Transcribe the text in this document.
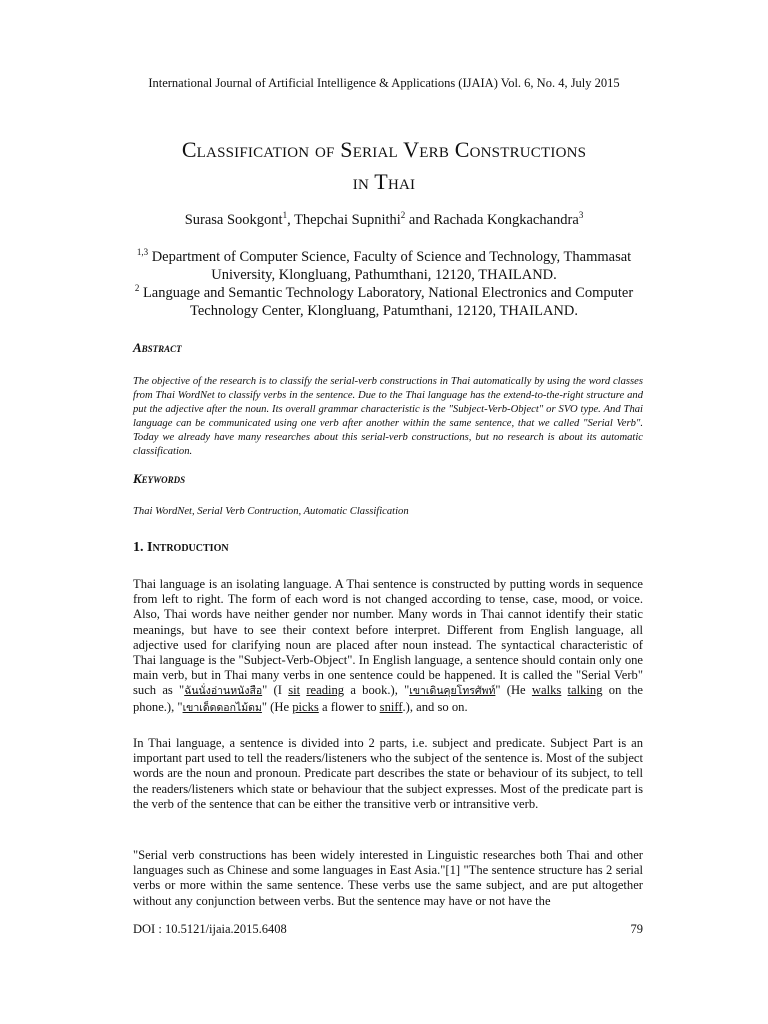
International Journal of Artificial Intelligence & Applications (IJAIA) Vol. 6, No. 4, July 2015
Classification of Serial Verb Constructions
in Thai
Surasa Sookgont$^1$, Thepchai Supnithi$^2$ and Rachada Kongkachandra$^3$

$^{1,3}$ Department of Computer Science, Faculty of Science and Technology, Thammasat University, Klongluang, Pathumthani, 12120, THAILAND.

$^2$ Language and Semantic Technology Laboratory, National Electronics and Computer Technology Center, Klongluang, Patumthani, 12120, THAILAND.

Abstract

The objective of the research is to classify the serial-verb constructions in Thai automatically by using the word classes from Thai WordNet to classify verbs in the sentence. Due to the Thai language has the extend-to-the-right structure and put the adjective after the noun. Its overall grammar characteristic is the "Subject-Verb-Object" or SVO type. And Thai language can be communicated using one verb after another within the same sentence, that we called "Serial Verb". Today we already have many researches about this serial-verb constructions, but no research is about its automatic classification.

Keywords

Thai WordNet, Serial Verb Contruction, Automatic Classification

1. Introduction

Thai language is an isolating language. A Thai sentence is constructed by putting words in sequence from left to right. The form of each word is not changed according to tense, case, mood, or voice. Also, Thai words have neither gender nor number. Many words in Thai cannot identify their static meanings, but have to see their context before interpret. Different from English language, all adjective used for clarifying noun are placed after noun instead. The syntactical characteristic of Thai language is the "Subject-Verb-Object". In English language, a sentence should contain only one main verb, but in Thai many verbs in one sentence could be happened. It is called the "Serial Verb" such as "ฉันนั่งอ่านหนังสือ" (I sit reading a book.), "เขาเดินคุยโทรศัพท์" (He walks talking on the phone.), "เขาเด็ดดอกไม้ดม" (He picks a flower to sniff.), and so on.

In Thai language, a sentence is divided into 2 parts, i.e. subject and predicate. Subject Part is an important part used to tell the readers/listeners who the subject of the sentence is. Most of the subject words are the noun and pronoun. Predicate part describes the state or behaviour of its subject, to tell the readers/listeners which state or behaviour that the subject expresses. Most of the predicate part is the verb of the sentence that can be either the transitive verb or intransitive verb.

"Serial verb constructions has been widely interested in Linguistic researches both Thai and other languages such as Chinese and some languages in East Asia."[1] "The sentence structure has 2 serial verbs or more within the same sentence. These verbs use the same subject, and are put altogether without any conjunction between verbs. But the sentence may have or not have the

DOI : 10.5121/ijaia.2015.6408	79
